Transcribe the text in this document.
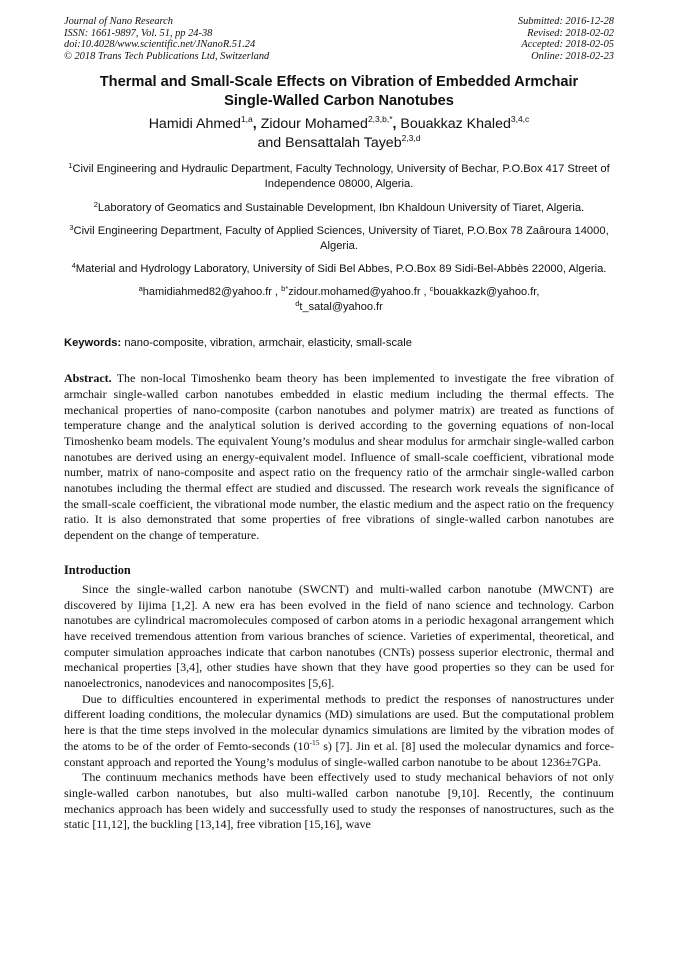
Journal of Nano Research
ISSN: 1661-9897, Vol. 51, pp 24-38
doi:10.4028/www.scientific.net/JNanoR.51.24
© 2018 Trans Tech Publications Ltd, Switzerland
Submitted: 2016-12-28
Revised: 2018-02-02
Accepted: 2018-02-05
Online: 2018-02-23
Thermal and Small-Scale Effects on Vibration of Embedded Armchair
Single-Walled Carbon Nanotubes
Hamidi Ahmed$^{1,a}$, Zidour Mohamed$^{2,3,b,*}$, Bouakkaz Khaled$^{3,4,c}$
and Bensattalah Tayeb$^{2,3,d}$
$^1$Civil Engineering and Hydraulic Department, Faculty Technology, University of Bechar, P.O.Box 417 Street of Independence 08000, Algeria.
$^2$Laboratory of Geomatics and Sustainable Development, Ibn Khaldoun University of Tiaret, Algeria.
$^3$Civil Engineering Department, Faculty of Applied Sciences, University of Tiaret, P.O.Box 78 Zaâroura 14000, Algeria.
$^4$Material and Hydrology Laboratory, University of Sidi Bel Abbes, P.O.Box 89 Sidi-Bel-Abbès 22000, Algeria.
$^a$hamidiahmed82@yahoo.fr , $^{b*}$zidour.mohamed@yahoo.fr , $^c$bouakkazk@yahoo.fr,
$^d$t_satal@yahoo.fr
Keywords: nano-composite, vibration, armchair, elasticity, small-scale
Abstract. The non-local Timoshenko beam theory has been implemented to investigate the free vibration of armchair single-walled carbon nanotubes embedded in elastic medium including the thermal effects. The mechanical properties of nano-composite (carbon nanotubes and polymer matrix) are treated as functions of temperature change and the analytical solution is derived according to the governing equations of non-local Timoshenko beam models. The equivalent Young’s modulus and shear modulus for armchair single-walled carbon nanotubes are derived using an energy-equivalent model. Influence of small-scale coefficient, vibrational mode number, matrix of nano-composite and aspect ratio on the frequency ratio of the armchair single-walled carbon nanotubes including the thermal effect are studied and discussed. The research work reveals the significance of the small-scale coefficient, the vibrational mode number, the elastic medium and the aspect ratio on the frequency ratio. It is also demonstrated that some properties of free vibrations of single-walled carbon nanotubes are dependent on the change of temperature.
Introduction
Since the single-walled carbon nanotube (SWCNT) and multi-walled carbon nanotube (MWCNT) are discovered by Iijima [1,2]. A new era has been evolved in the field of nano science and technology. Carbon nanotubes are cylindrical macromolecules composed of carbon atoms in a periodic hexagonal arrangement which have received tremendous attention from various branches of science. Varieties of experimental, theoretical, and computer simulation approaches indicate that carbon nanotubes (CNTs) possess superior electronic, thermal and mechanical properties [3,4], other studies have shown that they have good properties so they can be used for nanoelectronics, nanodevices and nanocomposites [5,6].
Due to difficulties encountered in experimental methods to predict the responses of nanostructures under different loading conditions, the molecular dynamics (MD) simulations are used. But the computational problem here is that the time steps involved in the molecular dynamics simulations are limited by the vibration modes of the atoms to be of the order of Femto-seconds ($10^{-15}$ s) [7]. Jin et al. [8] used the molecular dynamics and force-constant approach and reported the Young’s modulus of single-walled carbon nanotube to be about 1236±7GPa.
The continuum mechanics methods have been effectively used to study mechanical behaviors of not only single-walled carbon nanotubes, but also multi-walled carbon nanotube [9,10]. Recently, the continuum mechanics approach has been widely and successfully used to study the responses of nanostructures, such as the static [11,12], the buckling [13,14], free vibration [15,16], wave
